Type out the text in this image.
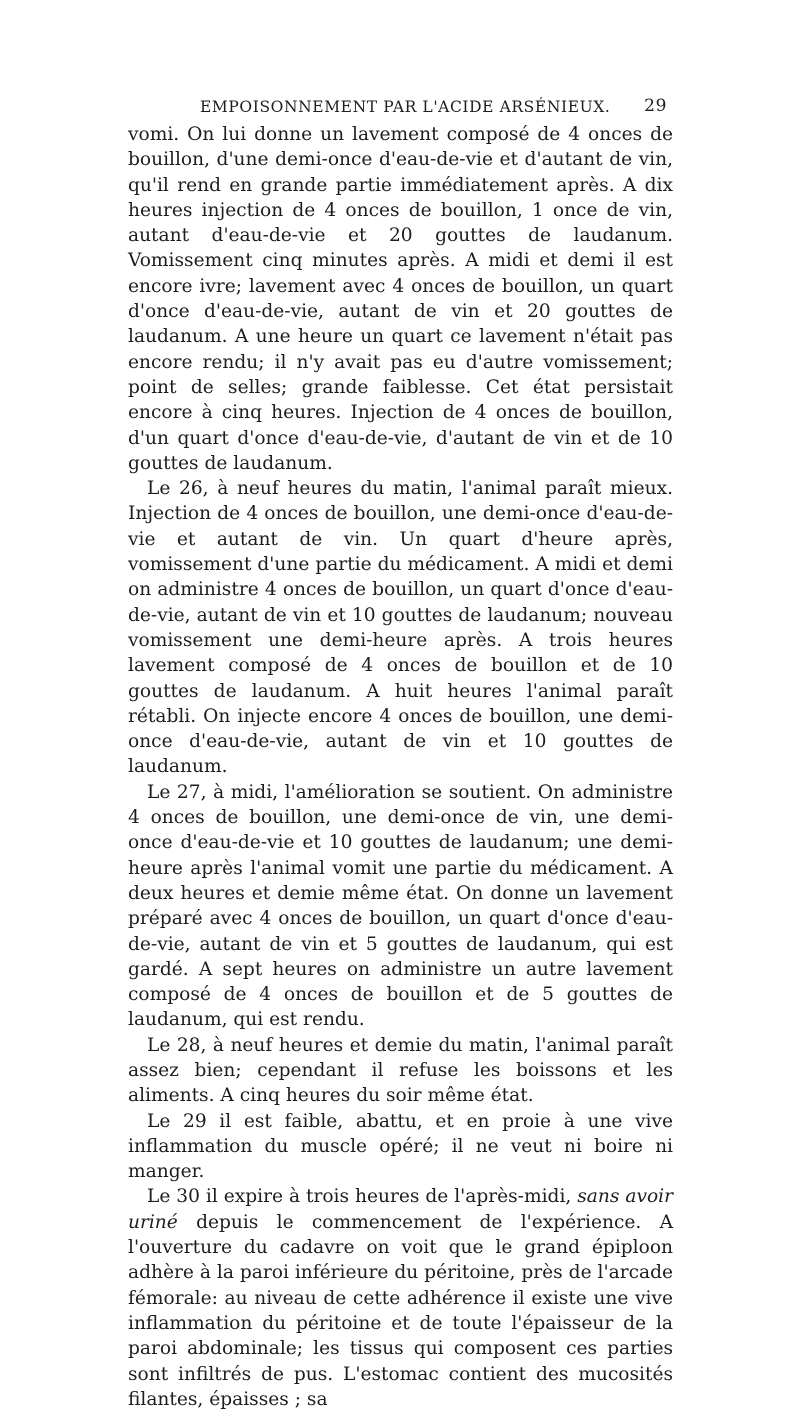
EMPOISONNEMENT PAR L'ACIDE ARSÉNIEUX. 29

vomi. On lui donne un lavement composé de 4 onces de bouillon, d'une demi-once d'eau-de-vie et d'autant de vin, qu'il rend en grande partie immédiatement après. A dix heures injection de 4 onces de bouillon, 1 once de vin, autant d'eau-de-vie et 20 gouttes de laudanum. Vomissement cinq minutes après. A midi et demi il est encore ivre; lavement avec 4 onces de bouillon, un quart d'once d'eau-de-vie, autant de vin et 20 gouttes de laudanum. A une heure un quart ce lavement n'était pas encore rendu; il n'y avait pas eu d'autre vomissement; point de selles; grande faiblesse. Cet état persistait encore à cinq heures. Injection de 4 onces de bouillon, d'un quart d'once d'eau-de-vie, d'autant de vin et de 10 gouttes de laudanum.

Le 26, à neuf heures du matin, l'animal paraît mieux. Injection de 4 onces de bouillon, une demi-once d'eau-de-vie et autant de vin. Un quart d'heure après, vomissement d'une partie du médicament. A midi et demi on administre 4 onces de bouillon, un quart d'once d'eau-de-vie, autant de vin et 10 gouttes de laudanum; nouveau vomissement une demi-heure après. A trois heures lavement composé de 4 onces de bouillon et de 10 gouttes de laudanum. A huit heures l'animal paraît rétabli. On injecte encore 4 onces de bouillon, une demi-once d'eau-de-vie, autant de vin et 10 gouttes de laudanum.

Le 27, à midi, l'amélioration se soutient. On administre 4 onces de bouillon, une demi-once de vin, une demi-once d'eau-de-vie et 10 gouttes de laudanum; une demi-heure après l'animal vomit une partie du médicament. A deux heures et demie même état. On donne un lavement préparé avec 4 onces de bouillon, un quart d'once d'eau-de-vie, autant de vin et 5 gouttes de laudanum, qui est gardé. A sept heures on administre un autre lavement composé de 4 onces de bouillon et de 5 gouttes de laudanum, qui est rendu.

Le 28, à neuf heures et demie du matin, l'animal paraît assez bien; cependant il refuse les boissons et les aliments. A cinq heures du soir même état.

Le 29 il est faible, abattu, et en proie à une vive inflammation du muscle opéré; il ne veut ni boire ni manger.

Le 30 il expire à trois heures de l'après-midi, sans avoir uriné depuis le commencement de l'expérience. A l'ouverture du cadavre on voit que le grand épiploon adhère à la paroi inférieure du péritoine, près de l'arcade fémorale: au niveau de cette adhérence il existe une vive inflammation du péritoine et de toute l'épaisseur de la paroi abdominale; les tissus qui composent ces parties sont infiltrés de pus. L'estomac contient des mucosités filantes, épaisses ; sa
